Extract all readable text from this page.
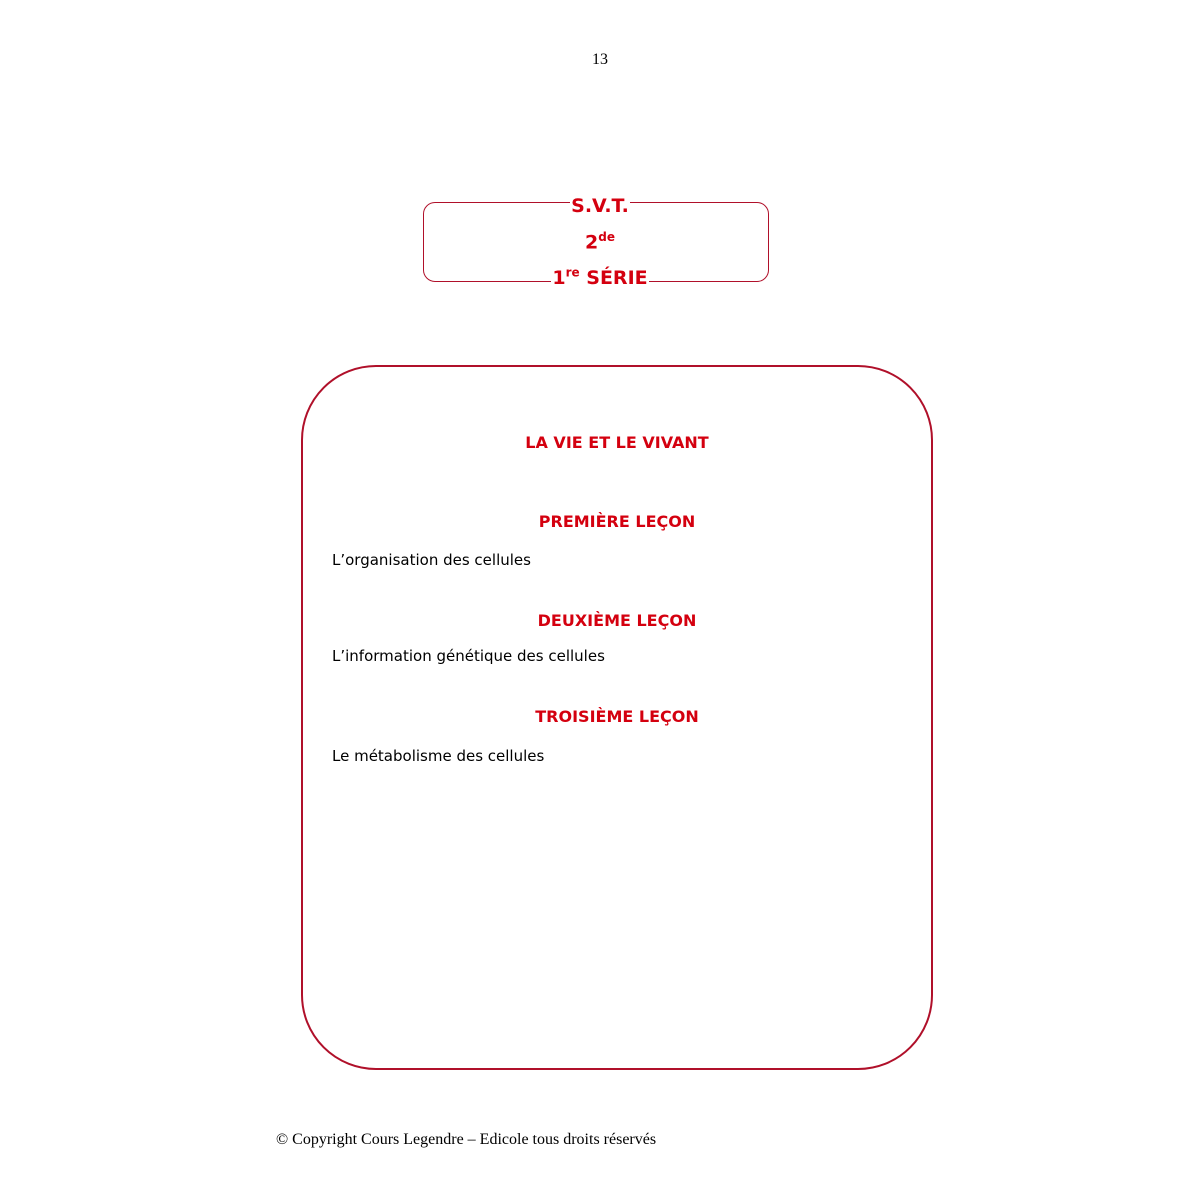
13
S.V.T.
2de
1re SÉRIE
LA VIE ET LE VIVANT
PREMIÈRE LEÇON
L’organisation des cellules
DEUXIÈME LEÇON
L’information génétique des cellules
TROISIÈME LEÇON
Le métabolisme des cellules
© Copyright Cours Legendre – Edicole tous droits réservés
